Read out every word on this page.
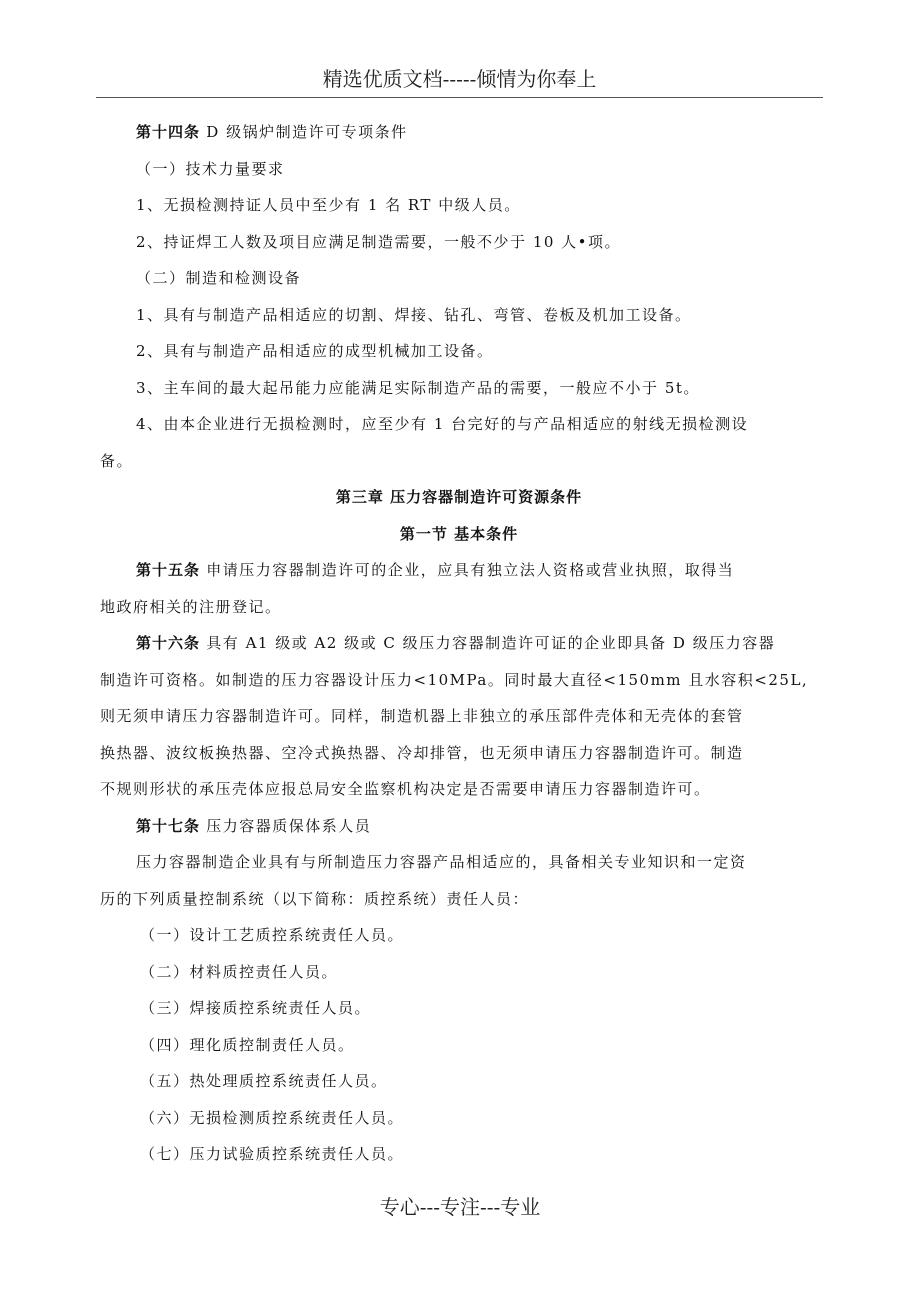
精选优质文档-----倾情为你奉上
第十四条 D 级锅炉制造许可专项条件
（一）技术力量要求
1、无损检测持证人员中至少有 1 名 RT 中级人员。
2、持证焊工人数及项目应满足制造需要，一般不少于 10 人•项。
（二）制造和检测设备
1、具有与制造产品相适应的切割、焊接、钻孔、弯管、卷板及机加工设备。
2、具有与制造产品相适应的成型机械加工设备。
3、主车间的最大起吊能力应能满足实际制造产品的需要，一般应不小于 5t。
4、由本企业进行无损检测时，应至少有 1 台完好的与产品相适应的射线无损检测设
备。
第三章 压力容器制造许可资源条件
第一节 基本条件
第十五条 申请压力容器制造许可的企业，应具有独立法人资格或营业执照，取得当
地政府相关的注册登记。
第十六条 具有 A1 级或 A2 级或 C 级压力容器制造许可证的企业即具备 D 级压力容器
制造许可资格。如制造的压力容器设计压力<10MPa。同时最大直径<150mm 且水容积<25L,
则无须申请压力容器制造许可。同样，制造机器上非独立的承压部件壳体和无壳体的套管
换热器、波纹板换热器、空冷式换热器、冷却排管，也无须申请压力容器制造许可。制造
不规则形状的承压壳体应报总局安全监察机构决定是否需要申请压力容器制造许可。
第十七条 压力容器质保体系人员
压力容器制造企业具有与所制造压力容器产品相适应的，具备相关专业知识和一定资
历的下列质量控制系统（以下简称：质控系统）责任人员：
（一）设计工艺质控系统责任人员。
（二）材料质控责任人员。
（三）焊接质控系统责任人员。
（四）理化质控制责任人员。
（五）热处理质控系统责任人员。
（六）无损检测质控系统责任人员。
（七）压力试验质控系统责任人员。
专心---专注---专业
